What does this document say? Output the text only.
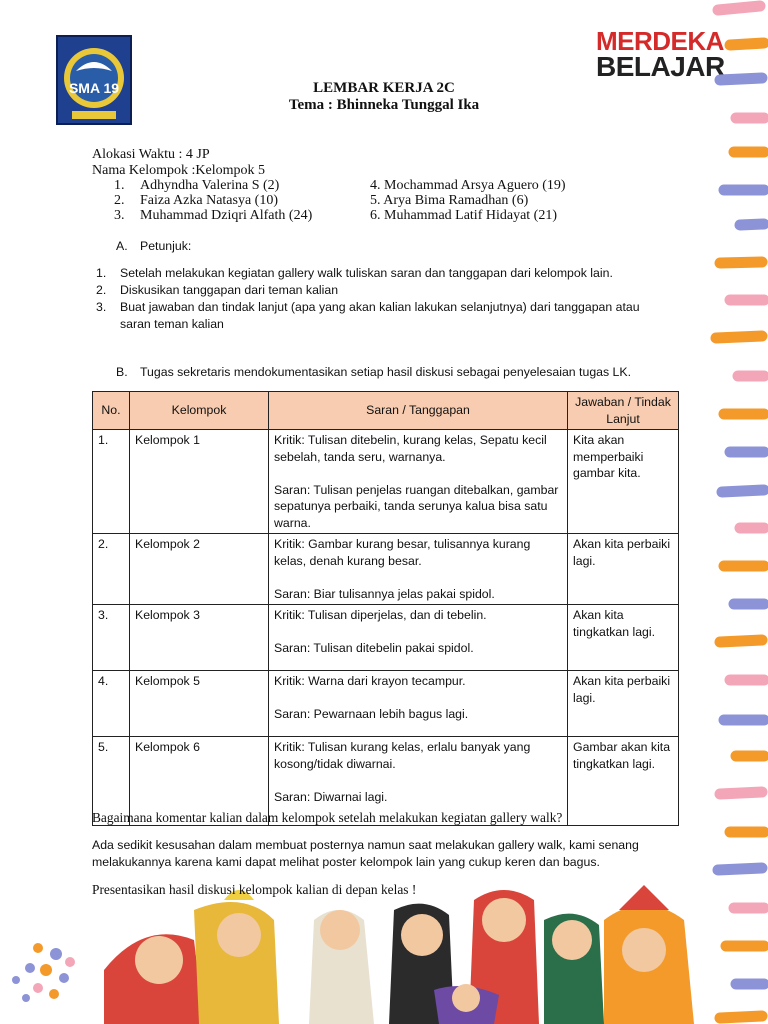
SMA 19
MERDEKA
BELAJAR
LEMBAR KERJA 2C
Tema : Bhinneka Tunggal Ika
Alokasi Waktu : 4 JP
Nama Kelompok :Kelompok 5
1. Adhyndha Valerina S (2)
2. Faiza Azka Natasya (10)
3. Muhammad Dziqri Alfath (24)
4. Mochammad Arsya Aguero (19)
5. Arya Bima Ramadhan (6)
6. Muhammad Latif Hidayat (21)
A. Petunjuk:
1.	Setelah melakukan kegiatan gallery walk tuliskan saran dan tanggapan dari kelompok lain.
2.	Diskusikan tanggapan dari teman kalian
3.	Buat jawaban dan tindak lanjut (apa yang akan kalian lakukan selanjutnya) dari tanggapan atau saran teman kalian
B. Tugas sekretaris mendokumentasikan setiap hasil diskusi sebagai penyelesaian tugas LK.
No.	Kelompok	Saran / Tanggapan	Jawaban / Tindak Lanjut
1.	Kelompok 1	Kritik: Tulisan ditebelin, kurang kelas, Sepatu kecil sebelah, tanda seru, warnanya.

Saran: Tulisan penjelas ruangan ditebalkan, gambar sepatunya perbaiki, tanda serunya kalua bisa satu warna.	Kita akan memperbaiki gambar kita.
2.	Kelompok 2	Kritik: Gambar kurang besar, tulisannya kurang kelas, denah kurang besar.

Saran: Biar tulisannya jelas pakai spidol.	Akan kita perbaiki lagi.
3.	Kelompok 3	Kritik: Tulisan diperjelas, dan di tebelin.

Saran: Tulisan ditebelin pakai spidol.	Akan kita tingkatkan lagi.
4.	Kelompok 5	Kritik: Warna dari krayon tecampur.

Saran: Pewarnaan lebih bagus lagi.	Akan kita perbaiki lagi.
5.	Kelompok 6	Kritik: Tulisan kurang kelas, erlalu banyak yang kosong/tidak diwarnai.

Saran: Diwarnai lagi.	Gambar akan kita tingkatkan lagi.
Bagaimana komentar kalian dalam kelompok setelah melakukan kegiatan gallery walk?
Ada sedikit kesusahan dalam membuat posternya namun saat melakukan gallery walk, kami senang melakukannya karena kami dapat melihat poster kelompok lain yang cukup keren dan bagus.
Presentasikan hasil diskusi kelompok kalian di depan kelas !
